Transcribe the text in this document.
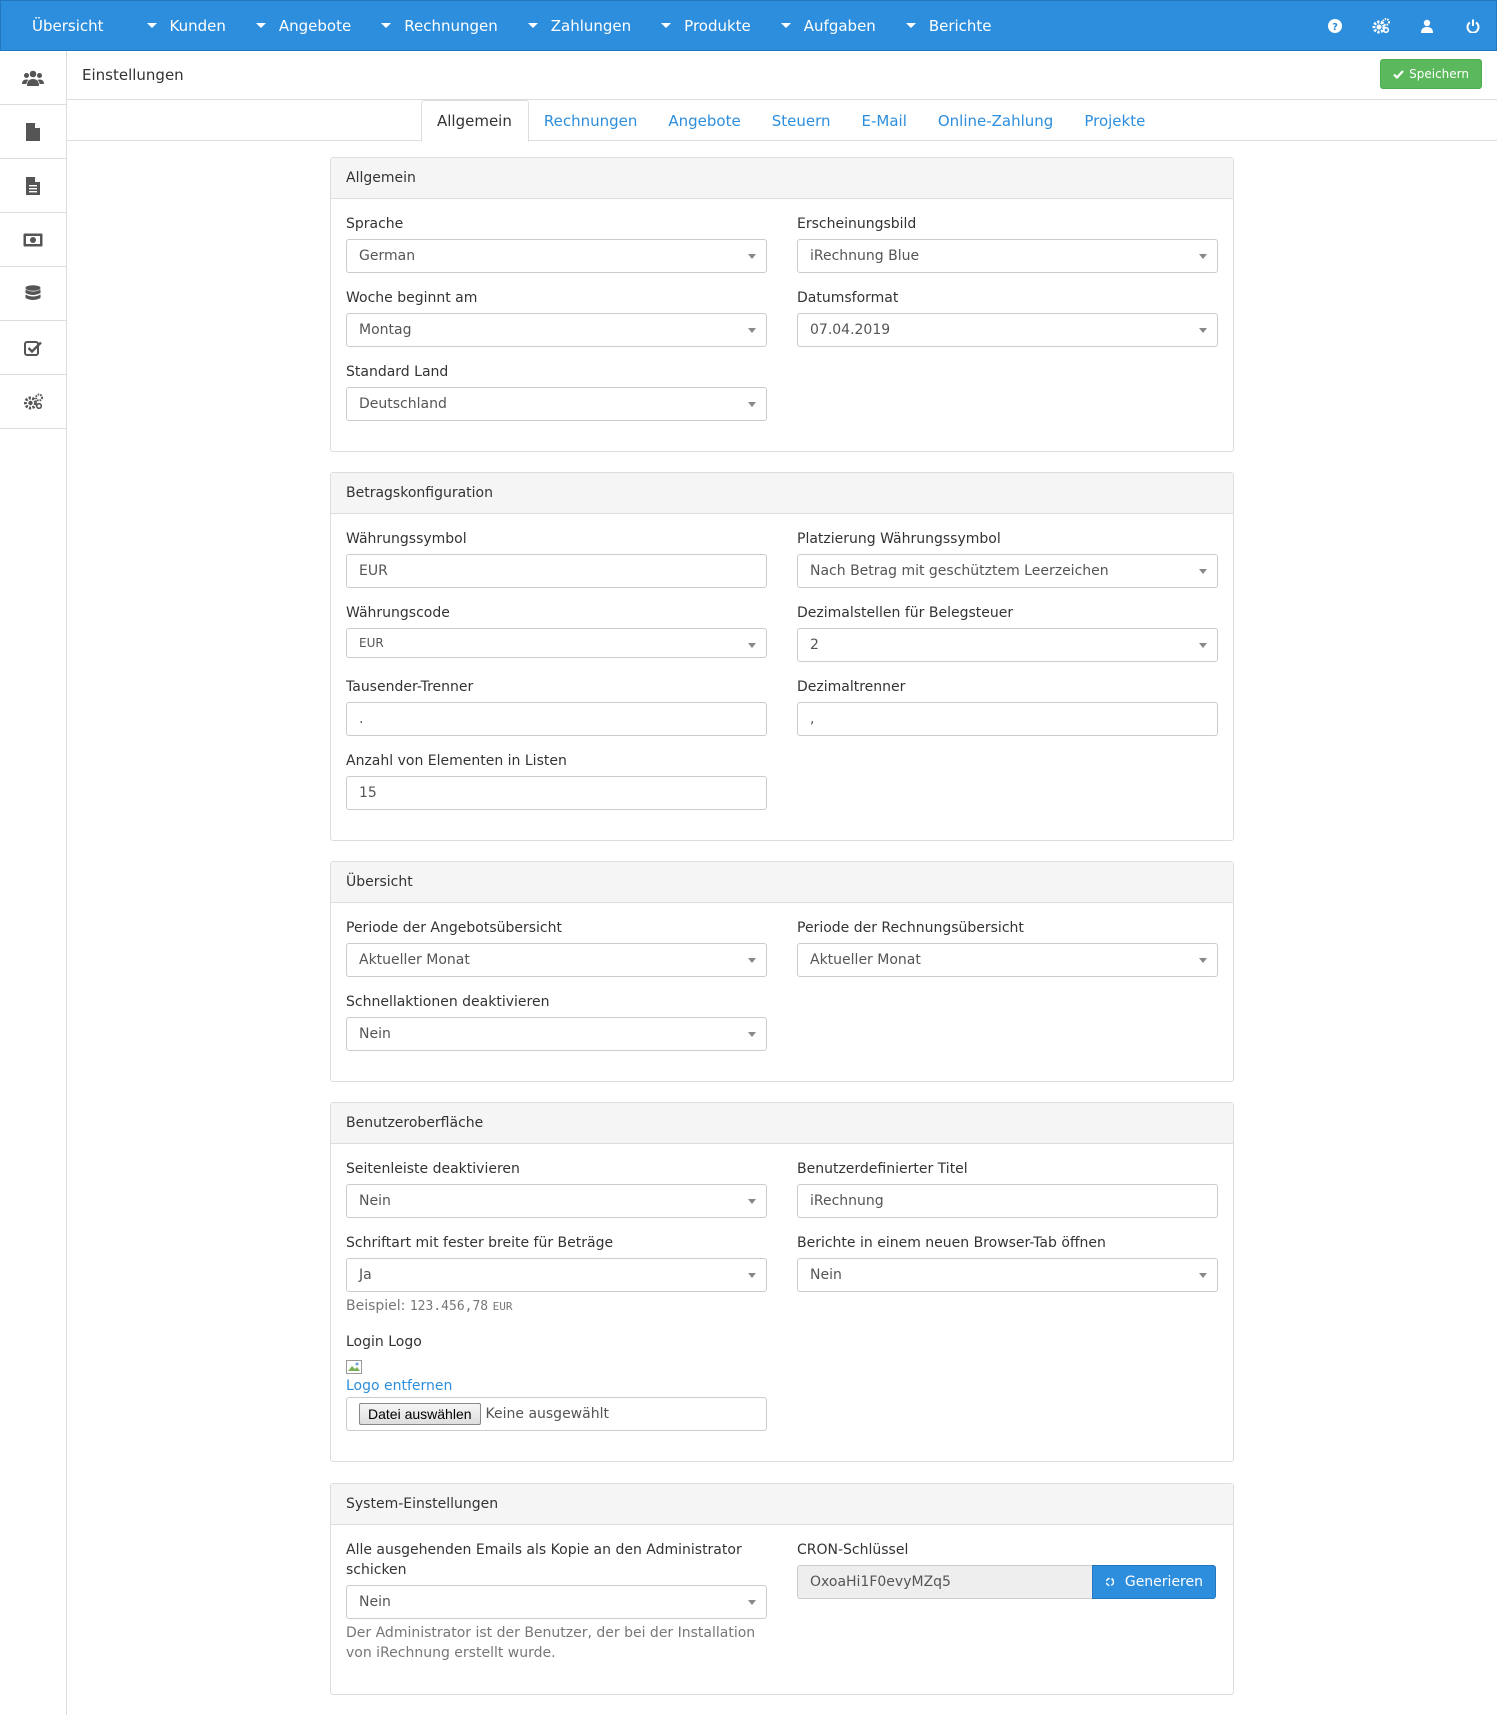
Übersicht	Kunden	Angebote	Rechnungen	Zahlungen	Produkte	Aufgaben	Berichte	?
Einstellungen	Speichern
Allgemein	Rechnungen	Angebote	Steuern	E-Mail	Online-Zahlung	Projekte
Allgemein
Sprache
German
Erscheinungsbild
iRechnung Blue
Woche beginnt am
Montag
Datumsformat
07.04.2019
Standard Land
Deutschland
Betragskonfiguration
Währungssymbol
EUR
Platzierung Währungssymbol
Nach Betrag mit geschütztem Leerzeichen
Währungscode
EUR
Dezimalstellen für Belegsteuer
2
Tausender-Trenner
.
Dezimaltrenner
,
Anzahl von Elementen in Listen
15
Übersicht
Periode der Angebotsübersicht
Aktueller Monat
Periode der Rechnungsübersicht
Aktueller Monat
Schnellaktionen deaktivieren
Nein
Benutzeroberfläche
Seitenleiste deaktivieren
Nein
Benutzerdefinierter Titel
iRechnung
Schriftart mit fester breite für Beträge
Ja
Beispiel: 123.456,78 EUR
Berichte in einem neuen Browser-Tab öffnen
Nein
Login Logo
Logo entfernen
Datei auswählen	Keine ausgewählt
System-Einstellungen
Alle ausgehenden Emails als Kopie an den Administrator schicken
Nein
Der Administrator ist der Benutzer, der bei der Installation von iRechnung erstellt wurde.
CRON-Schlüssel
OxoaHi1F0evyMZq5	Generieren
